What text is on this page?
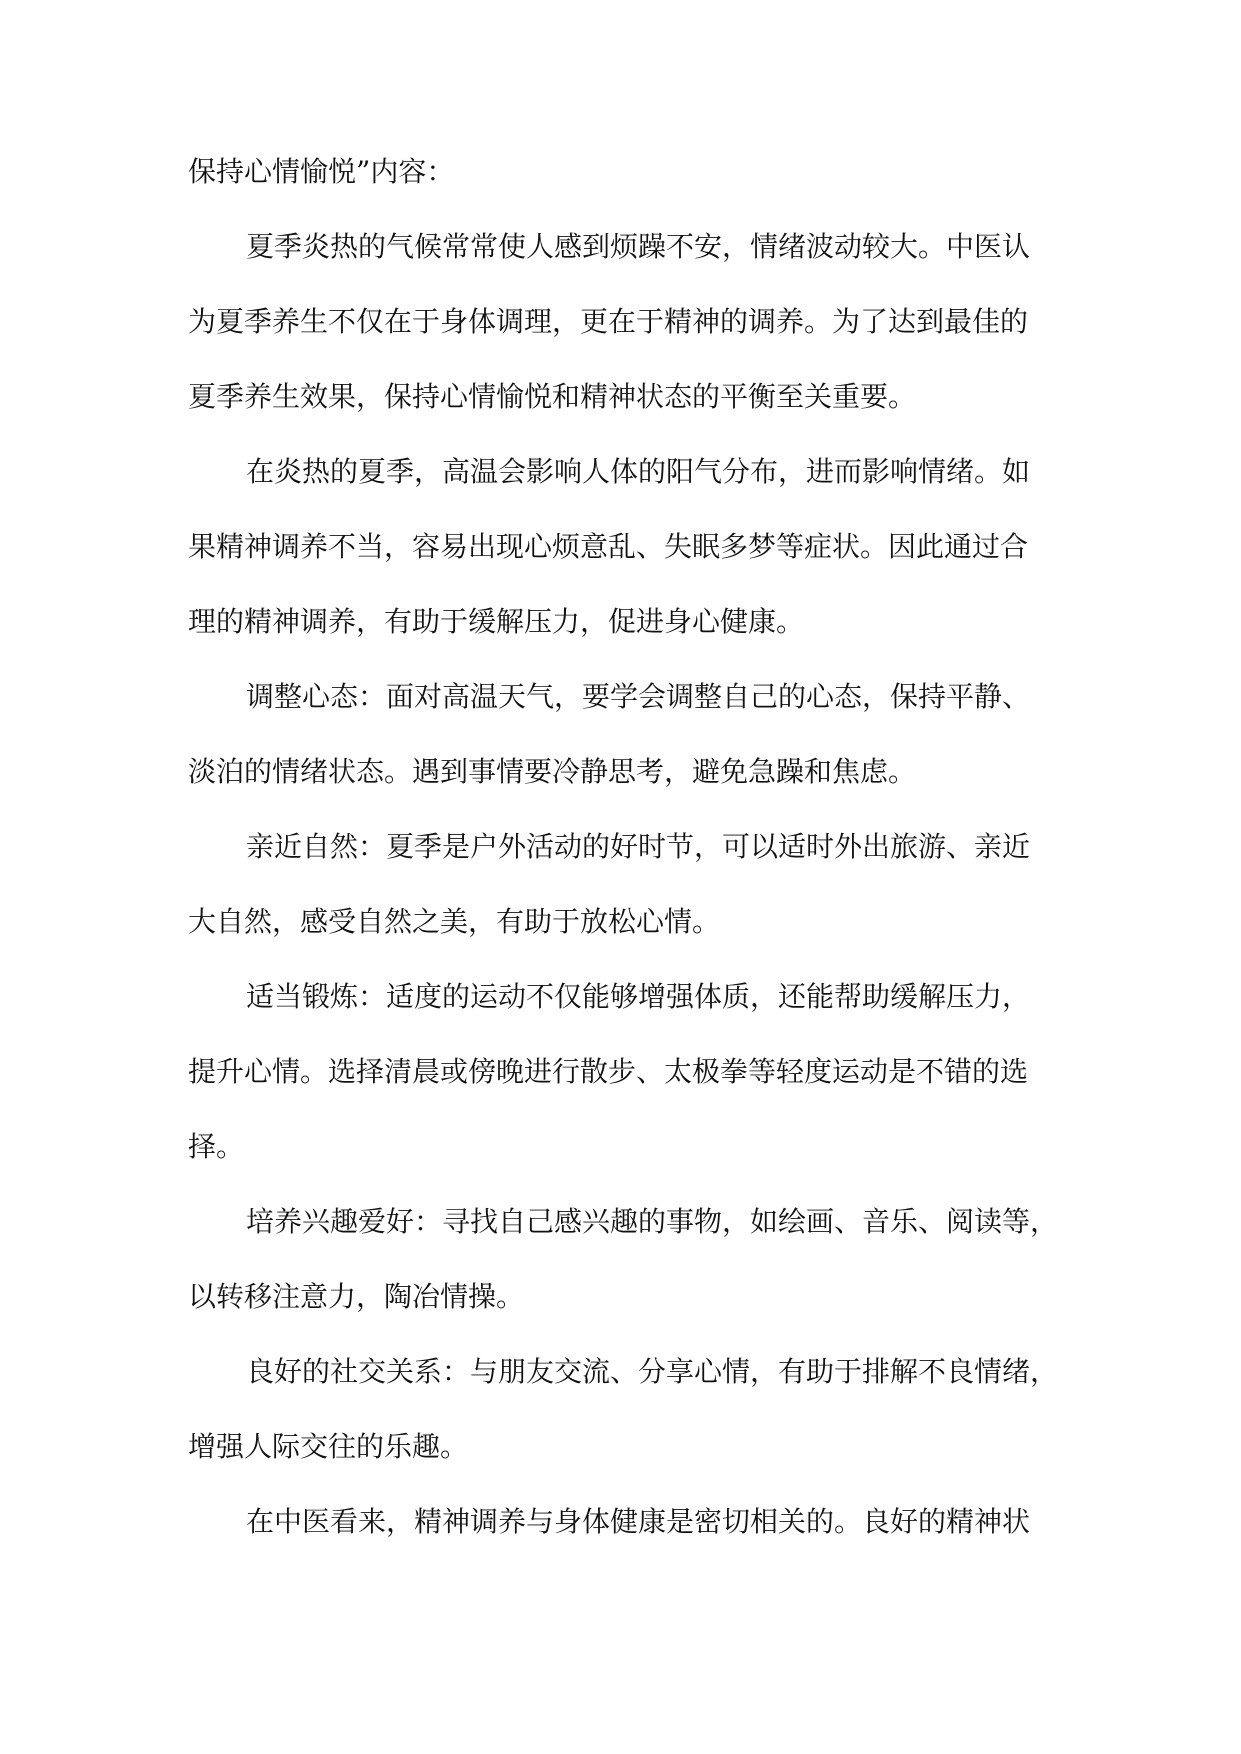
保持心情愉悦”内容：
夏季炎热的气候常常使人感到烦躁不安，情绪波动较大。中医认
为夏季养生不仅在于身体调理，更在于精神的调养。为了达到最佳的
夏季养生效果，保持心情愉悦和精神状态的平衡至关重要。
在炎热的夏季，高温会影响人体的阳气分布，进而影响情绪。如
果精神调养不当，容易出现心烦意乱、失眠多梦等症状。因此通过合
理的精神调养，有助于缓解压力，促进身心健康。
调整心态：面对高温天气，要学会调整自己的心态，保持平静、
淡泊的情绪状态。遇到事情要冷静思考，避免急躁和焦虑。
亲近自然：夏季是户外活动的好时节，可以适时外出旅游、亲近
大自然，感受自然之美，有助于放松心情。
适当锻炼：适度的运动不仅能够增强体质，还能帮助缓解压力，
提升心情。选择清晨或傍晚进行散步、太极拳等轻度运动是不错的选
择。
培养兴趣爱好：寻找自己感兴趣的事物，如绘画、音乐、阅读等，
以转移注意力，陶冶情操。
良好的社交关系：与朋友交流、分享心情，有助于排解不良情绪，
增强人际交往的乐趣。
在中医看来，精神调养与身体健康是密切相关的。良好的精神状
